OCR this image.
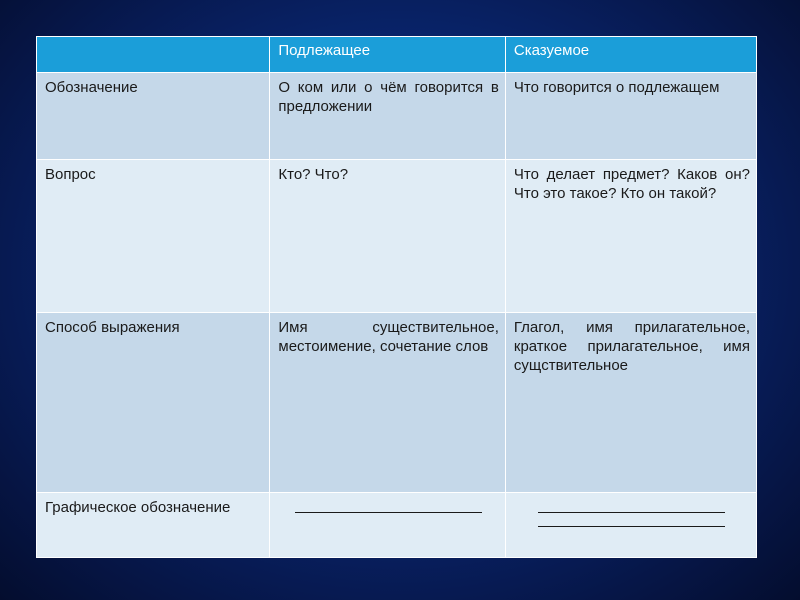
	Подлежащее	Сказуемое
Обозначение	О ком или о чём говорится в предложении	Что говорится о подлежащем
Вопрос	Кто? Что?	Что делает предмет? Каков он? Что это такое? Кто он такой?
Способ выражения	Имя существительное, местоимение, сочетание слов	Глагол, имя прилагательное, краткое прилагательное, имя сущствительное
Графическое обозначение	
